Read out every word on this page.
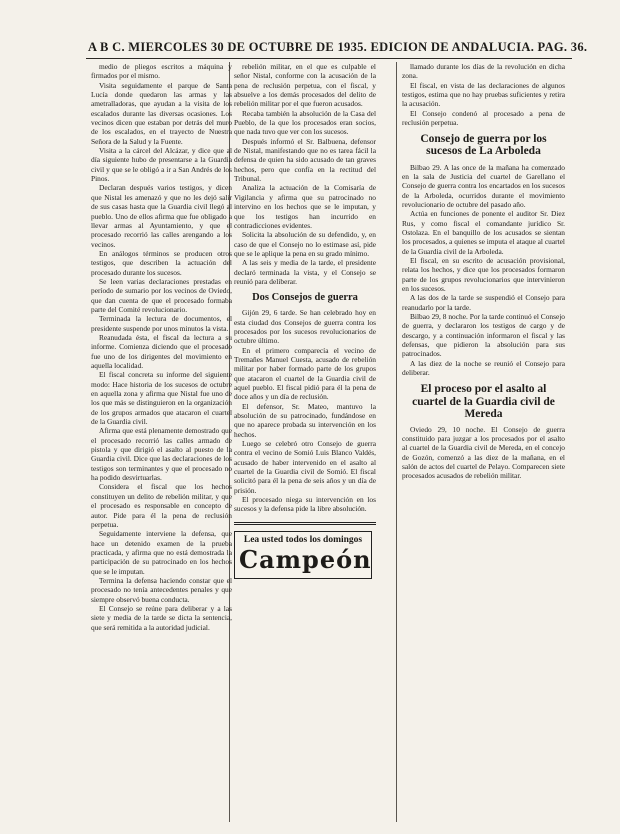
A B C. MIERCOLES 30 DE OCTUBRE DE 1935. EDICION DE ANDALUCIA. PAG. 36.

medio de pliegos escritos a máquina y firmados por el mismo.

Visita seguidamente el parque de Santa Lucía donde quedaron las armas y las ametralladoras, que ayudan a la visita de los escalados durante las diversas ocasiones. Los vecinos dicen que estaban por detrás del muro de los escalados, en el trayecto de Nuestra Señora de la Salud y la Fuente.

Visita a la cárcel del Alcázar, y dice que al día siguiente hubo de presentarse a la Guardia civil y que se le obligó a ir a San Andrés de los Pinos.

Declaran después varios testigos, y dicen que Nistal les amenazó y que no les dejó salir de sus casas hasta que la Guardia civil llegó al pueblo. Uno de ellos afirma que fue obligado a llevar armas al Ayuntamiento, y que el procesado recorrió las calles arengando a los vecinos.

En análogos términos se producen otros testigos, que describen la actuación del procesado durante los sucesos.

Se leen varias declaraciones prestadas en período de sumario por los vecinos de Oviedo, que dan cuenta de que el procesado formaba parte del Comité revolucionario.

Terminada la lectura de documentos, el presidente suspende por unos minutos la vista.

Reanudada ésta, el fiscal da lectura a su informe. Comienza diciendo que el procesado fue uno de los dirigentes del movimiento en aquella localidad.

El fiscal concreta su informe del siguiente modo: Hace historia de los sucesos de octubre en aquella zona y afirma que Nistal fue uno de los que más se distinguieron en la organización de los grupos armados que atacaron el cuartel de la Guardia civil.

Afirma que está plenamente demostrado que el procesado recorrió las calles armado de pistola y que dirigió el asalto al puesto de la Guardia civil. Dice que las declaraciones de los testigos son terminantes y que el procesado no ha podido desvirtuarlas.

Considera el fiscal que los hechos constituyen un delito de rebelión militar, y que el procesado es responsable en concepto de autor. Pide para él la pena de reclusión perpetua.

Seguidamente interviene la defensa, que hace un detenido examen de la prueba practicada, y afirma que no está demostrada la participación de su patrocinado en los hechos que se le imputan.

Termina la defensa haciendo constar que el procesado no tenía antecedentes penales y que siempre observó buena conducta.

El Consejo se reúne para deliberar y a las siete y media de la tarde se dicta la sentencia, que será remitida a la autoridad judicial.

rebelión militar, en el que es culpable el señor Nistal, conforme con la acusación de la pena de reclusión perpetua, con el fiscal, y absuelve a los demás procesados del delito de rebelión militar por el que fueron acusados.

Recaba también la absolución de la Casa del Pueblo, de la que los procesados eran socios, que nada tuvo que ver con los sucesos.

Después informó el Sr. Balbuena, defensor de Nistal, manifestando que no es tarea fácil la defensa de quien ha sido acusado de tan graves hechos, pero que confía en la rectitud del Tribunal.

Analiza la actuación de la Comisaría de Vigilancia y afirma que su patrocinado no intervino en los hechos que se le imputan, y que los testigos han incurrido en contradicciones evidentes.

Solicita la absolución de su defendido, y, en caso de que el Consejo no lo estimase así, pide que se le aplique la pena en su grado mínimo.

A las seis y media de la tarde, el presidente declaró terminada la vista, y el Consejo se reunió para deliberar.

Dos Consejos de guerra

Gijón 29, 6 tarde. Se han celebrado hoy en esta ciudad dos Consejos de guerra contra los procesados por los sucesos revolucionarios de octubre último.

En el primero comparecía el vecino de Tremañes Manuel Cuesta, acusado de rebelión militar por haber formado parte de los grupos que atacaron el cuartel de la Guardia civil de aquel pueblo. El fiscal pidió para él la pena de doce años y un día de reclusión.

El defensor, Sr. Mateo, mantuvo la absolución de su patrocinado, fundándose en que no aparece probada su intervención en los hechos.

Luego se celebró otro Consejo de guerra contra el vecino de Somió Luis Blanco Valdés, acusado de haber intervenido en el asalto al cuartel de la Guardia civil de Somió. El fiscal solicitó para él la pena de seis años y un día de prisión.

El procesado niega su intervención en los sucesos y la defensa pide la libre absolución.

Lea usted todos los domingos
Campeón

llamado durante los días de la revolución en dicha zona.

El fiscal, en vista de las declaraciones de algunos testigos, estima que no hay pruebas suficientes y retira la acusación.

El Consejo condenó al procesado a pena de reclusión perpetua.

Consejo de guerra por los sucesos de La Arboleda

Bilbao 29. A las once de la mañana ha comenzado en la sala de Justicia del cuartel de Garellano el Consejo de guerra contra los encartados en los sucesos de la Arboleda, ocurridos durante el movimiento revolucionario de octubre del pasado año.

Actúa en funciones de ponente el auditor Sr. Diez Rus, y como fiscal el comandante jurídico Sr. Ostolaza. En el banquillo de los acusados se sientan los procesados, a quienes se imputa el ataque al cuartel de la Guardia civil de la Arboleda.

El fiscal, en su escrito de acusación provisional, relata los hechos, y dice que los procesados formaron parte de los grupos revolucionarios que intervinieron en los sucesos.

A las dos de la tarde se suspendió el Consejo para reanudarlo por la tarde.

Bilbao 29, 8 noche. Por la tarde continuó el Consejo de guerra, y declararon los testigos de cargo y de descargo, y a continuación informaron el fiscal y las defensas, que pidieron la absolución para sus patrocinados.

A las diez de la noche se reunió el Consejo para deliberar.

El proceso por el asalto al cuartel de la Guardia civil de Mereda

Oviedo 29, 10 noche. El Consejo de guerra constituido para juzgar a los procesados por el asalto al cuartel de la Guardia civil de Mereda, en el concejo de Gozón, comenzó a las diez de la mañana, en el salón de actos del cuartel de Pelayo. Comparecen siete procesados acusados de rebelión militar.
